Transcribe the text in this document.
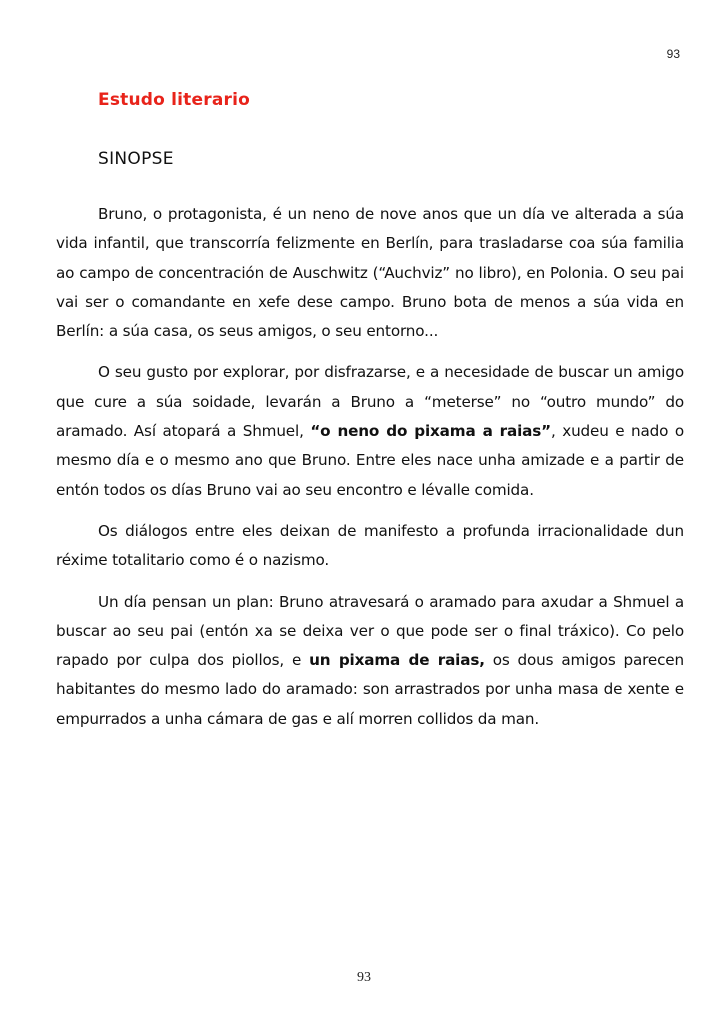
93
Estudo literario
SINOPSE

Bruno, o protagonista, é un neno de nove anos que un día ve alterada a súa vida infantil, que transcorría felizmente en Berlín, para trasladarse coa súa familia ao campo de concentración de Auschwitz (“Auchviz” no libro), en Polonia. O seu pai vai ser o comandante en xefe dese campo. Bruno bota de menos a súa vida en Berlín: a súa casa, os seus amigos, o seu entorno...

O seu gusto por explorar, por disfrazarse, e a necesidade de buscar un amigo que cure a súa soidade, levarán a Bruno a “meterse” no “outro mundo” do aramado. Así atopará a Shmuel, “o neno do pixama a raias”, xudeu e nado o mesmo día e o mesmo ano que Bruno. Entre eles nace unha amizade e a partir de entón todos os días Bruno vai ao seu encontro e lévalle comida.

Os diálogos entre eles deixan de manifesto a profunda irracionalidade dun réxime totalitario como é o nazismo.

Un día pensan un plan: Bruno atravesará o aramado para axudar a Shmuel a buscar ao seu pai (entón xa se deixa ver o que pode ser o final tráxico). Co pelo rapado por culpa dos piollos, e un pixama de raias, os dous amigos parecen habitantes do mesmo lado do aramado: son arrastrados por unha masa de xente e empurrados a unha cámara de gas e alí morren collidos da man.

93
